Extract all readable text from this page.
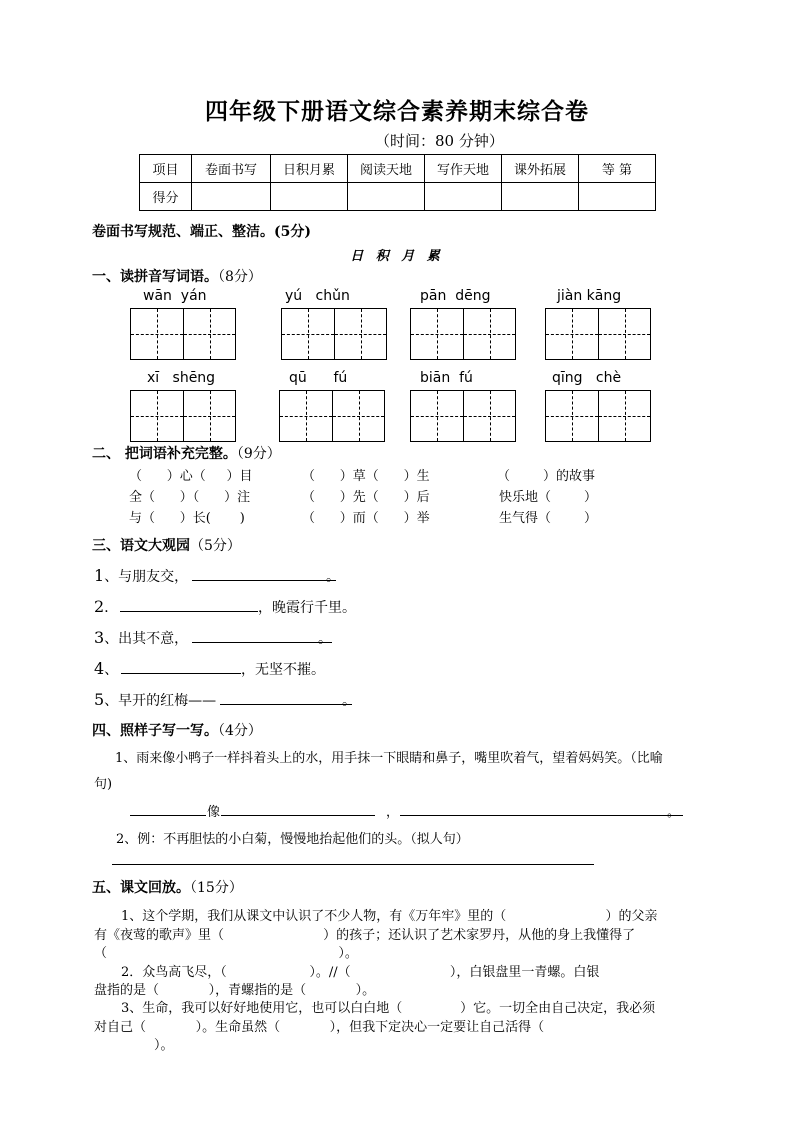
四年级下册语文综合素养期末综合卷
（时间：80 分钟）
项目	卷面书写	日积月累	阅读天地	写作天地	课外拓展	等 第
得分						
卷面书写规范、端正、整洁。(5分)
日 积 月 累
一、读拼音写词语。（8分）
wān  yán	yú   chǔn	pān  dēng	jiàn kāng
xī   shēng	qū      fú	biān  fú	qīng   chè
二、 把词语补充完整。（9分）
（      ）心（     ）目	（      ）草（      ）生	（        ）的故事
全（      ）（      ）注	（      ）先（      ）后	快乐地（        ）
与（      ）长(       )	（      ）而（      ）举	生气得（        ）
三、语文大观园（5分）
1、与朋友交，	。
2．	，晚霞行千里。
3、出其不意，	。
4、	，无坚不摧。
5、早开的红梅——	。
四、照样子写一写。（4分）
1、雨来像小鸭子一样抖着头上的水，用手抹一下眼睛和鼻子，嘴里吹着气，望着妈妈笑。（比喻
句)
像	，	。
2、例：不再胆怯的小白菊，慢慢地抬起他们的头。（拟人句）
五、课文回放。（15分）
1、这个学期，我们从课文中认识了不少人物，有《万年牢》里的（                        ）的父亲
有《夜莺的歌声》里（                        ）的孩子；还认识了艺术家罗丹，从他的身上我懂得了
（                                                        ）。
2．众鸟高飞尽，（                    ）。//（                        ），白银盘里一青螺。白银
盘指的是（            ），青螺指的是（            ）。
3、生命，我可以好好地使用它，也可以白白地（              ）它。一切全由自己决定，我必须
对自己（            ）。生命虽然（            ），但我下定决心一定要让自己活得（
）。
